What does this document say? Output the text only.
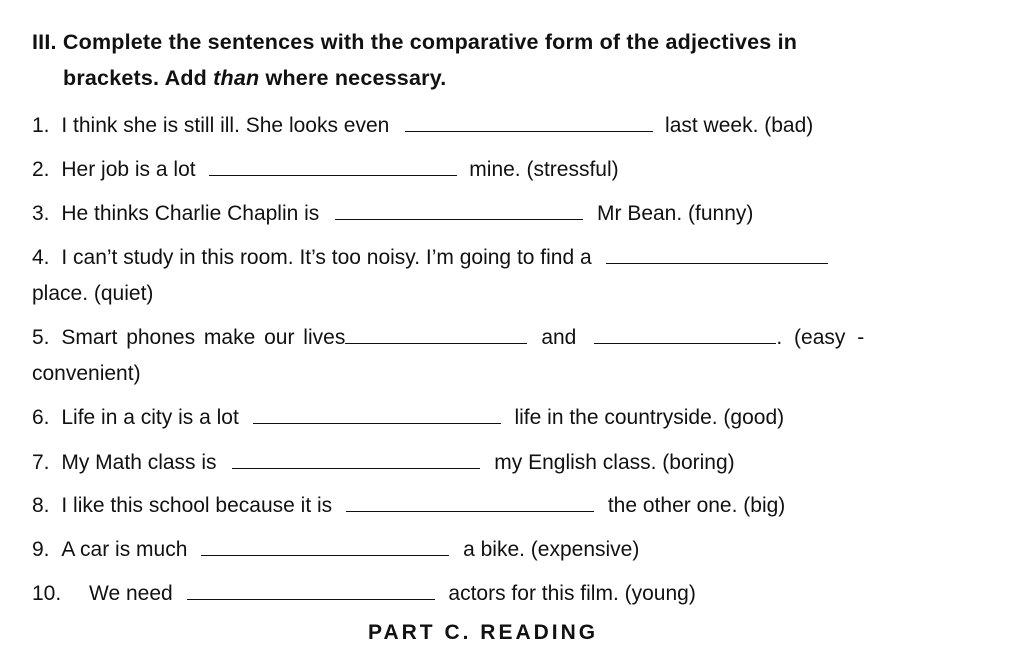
III. Complete the sentences with the comparative form of the adjectives in
brackets. Add than where necessary.
1. I think she is still ill. She looks even	last week. (bad)
2. Her job is a lot	mine. (stressful)
3. He thinks Charlie Chaplin is	Mr Bean. (funny)
4. I can’t study in this room. It’s too noisy. I’m going to find a
place. (quiet)
5. Smart phones make our lives	and	. (easy -
convenient)
6. Life in a city is a lot	life in the countryside. (good)
7. My Math class is	my English class. (boring)
8. I like this school because it is	the other one. (big)
9. A car is much	a bike. (expensive)
10. We need	actors for this film. (young)
PART C. READING
